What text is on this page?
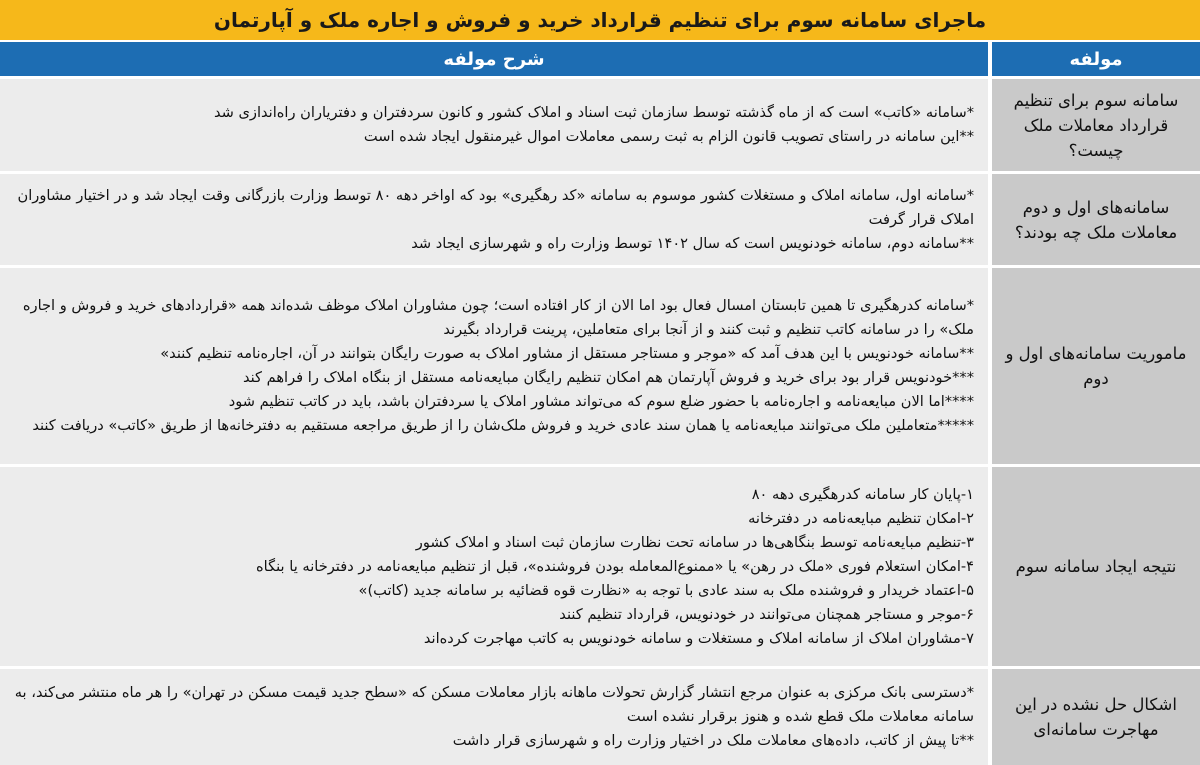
ماجرای سامانه سوم برای تنظیم قرارداد خرید و فروش و اجاره ملک و آپارتمان
مولفه
شرح مولفه
سامانه سوم برای تنظیم قرارداد معاملات ملک چیست؟

*سامانه «کاتب» است که از ماه گذشته توسط سازمان ثبت اسناد و املاک کشور و کانون سردفتران و دفتریاران راه‌اندازی شد

**این سامانه در راستای تصویب قانون الزام به ثبت رسمی معاملات اموال غیرمنقول ایجاد شده است

سامانه‌های اول و دوم معاملات ملک چه بودند؟

*سامانه اول، سامانه املاک و مستغلات کشور موسوم به سامانه «کد رهگیری» بود که اواخر دهه ۸۰ توسط وزارت بازرگانی وقت ایجاد شد و در اختیار مشاوران املاک قرار گرفت

**سامانه دوم، سامانه خودنویس است که سال ۱۴۰۲ توسط وزارت راه و شهرسازی ایجاد شد

ماموریت سامانه‌های اول و دوم

*سامانه کدرهگیری تا همین تابستان امسال فعال بود اما الان از کار افتاده است؛ چون مشاوران املاک موظف شده‌اند همه «قراردادهای خرید و فروش و اجاره ملک» را در سامانه کاتب تنظیم و ثبت کنند و از آنجا برای متعاملین، پرینت قرارداد بگیرند

**سامانه خودنویس با این هدف آمد که «موجر و مستاجر مستقل از مشاور املاک به صورت رایگان بتوانند در آن، اجاره‌نامه تنظیم کنند»

***خودنویس قرار بود برای خرید و فروش آپارتمان هم امکان تنظیم رایگان مبایعه‌نامه مستقل از بنگاه املاک را فراهم کند

****اما الان مبایعه‌نامه و اجاره‌نامه با حضور ضلع سوم که می‌تواند مشاور املاک یا سردفتران باشد، باید در کاتب تنظیم شود

*****متعاملین ملک می‌توانند مبایعه‌نامه یا همان سند عادی خرید و فروش ملک‌شان را از طریق مراجعه مستقیم به دفترخانه‌ها از طریق «کاتب» دریافت کنند

نتیجه ایجاد سامانه سوم

۱-پایان کار سامانه کدرهگیری دهه ۸۰

۲-امکان تنظیم مبایعه‌نامه در دفترخانه

۳-تنظیم مبایعه‌نامه توسط بنگاهی‌ها در سامانه تحت نظارت سازمان ثبت اسناد و املاک کشور

۴-امکان استعلام فوری «ملک در رهن» یا «ممنوع‌المعامله بودن فروشنده»، قبل از تنظیم مبایعه‌نامه در دفترخانه یا بنگاه

۵-اعتماد خریدار و فروشنده ملک به سند عادی با توجه به «نظارت قوه قضائیه بر سامانه جدید (کاتب)»

۶-موجر و مستاجر همچنان می‌توانند در خودنویس، قرارداد تنظیم کنند

۷-مشاوران املاک از سامانه املاک و مستغلات و سامانه خودنویس به کاتب مهاجرت کرده‌اند

اشکال حل نشده در این مهاجرت سامانه‌ای

*دسترسی بانک مرکزی به عنوان مرجع انتشار گزارش تحولات ماهانه بازار معاملات مسکن که «سطح جدید قیمت مسکن در تهران» را هر ماه منتشر می‌کند، به سامانه معاملات ملک قطع شده و هنوز برقرار نشده است

**تا پیش از کاتب، داده‌های معاملات ملک در اختیار وزارت راه و شهرسازی قرار داشت
